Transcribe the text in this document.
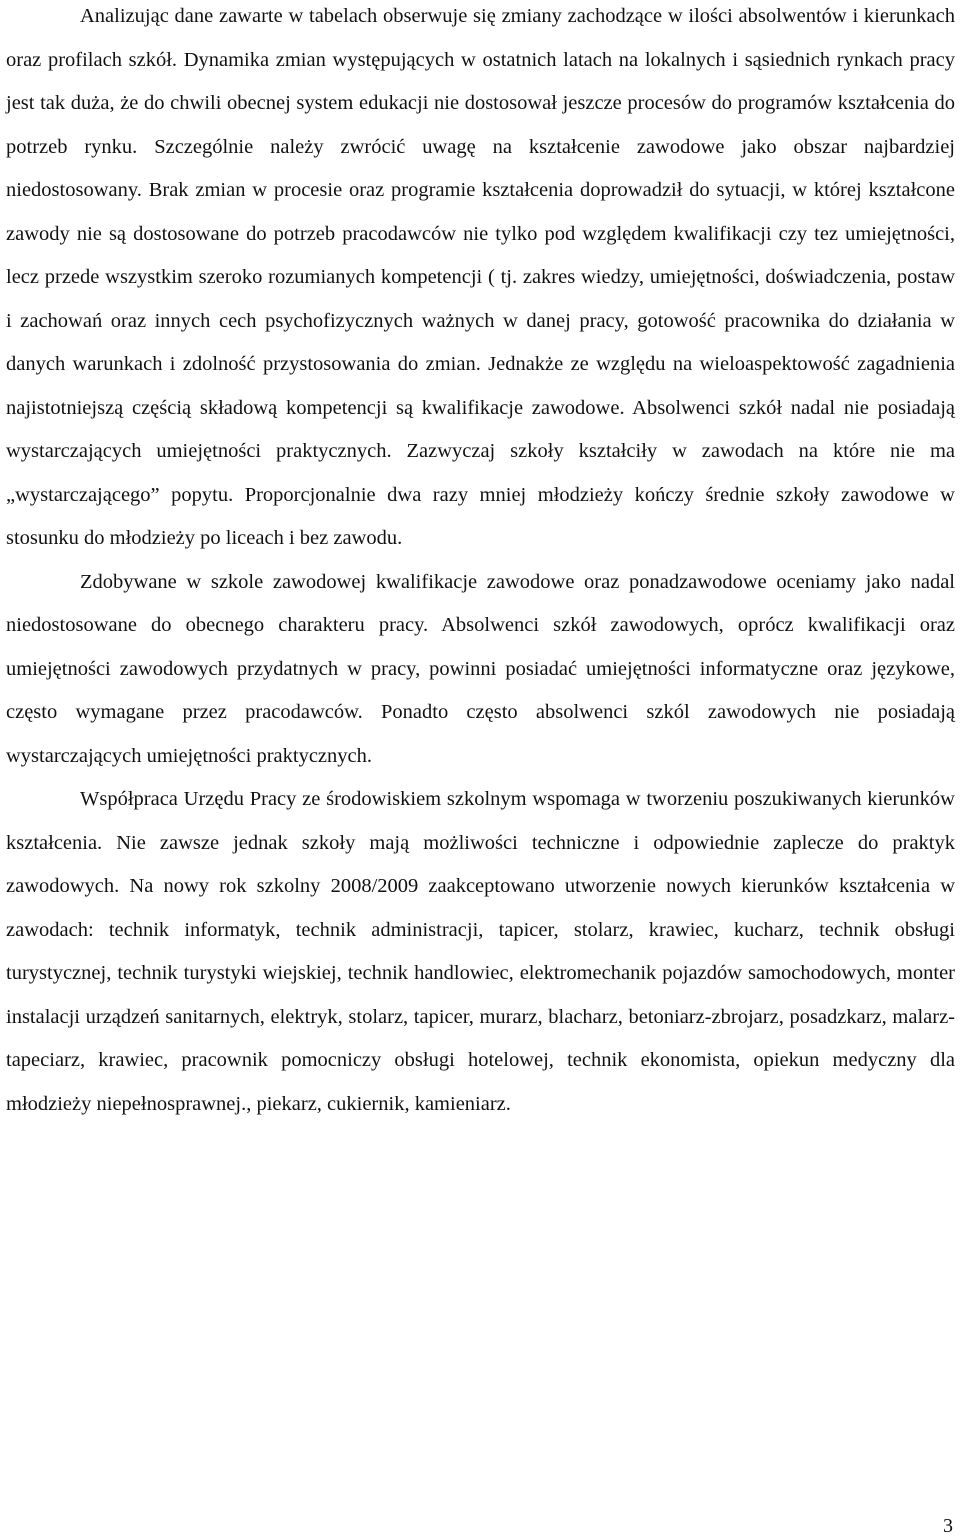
Analizując dane zawarte w tabelach obserwuje się zmiany zachodzące w ilości absolwentów i kierunkach oraz profilach szkół. Dynamika zmian występujących w ostatnich latach na lokalnych i sąsiednich rynkach pracy jest tak duża, że do chwili obecnej system edukacji nie dostosował jeszcze procesów do programów kształcenia do potrzeb rynku. Szczególnie należy zwrócić uwagę na kształcenie zawodowe jako obszar najbardziej niedostosowany. Brak zmian w procesie oraz programie kształcenia doprowadził do sytuacji, w której kształcone zawody nie są dostosowane do potrzeb pracodawców nie tylko pod względem kwalifikacji czy tez umiejętności, lecz przede wszystkim szeroko rozumianych kompetencji ( tj. zakres wiedzy, umiejętności, doświadczenia, postaw i zachowań oraz innych cech psychofizycznych ważnych w danej pracy, gotowość pracownika do działania w danych warunkach i zdolność przystosowania do zmian. Jednakże ze względu na wieloaspektowość zagadnienia najistotniejszą częścią składową kompetencji są kwalifikacje zawodowe. Absolwenci szkół nadal nie posiadają wystarczających umiejętności praktycznych. Zazwyczaj szkoły kształciły w zawodach na które nie ma „wystarczającego” popytu. Proporcjonalnie dwa razy mniej młodzieży kończy średnie szkoły zawodowe w stosunku do młodzieży po liceach i bez zawodu.

Zdobywane w szkole zawodowej kwalifikacje zawodowe oraz ponadzawodowe oceniamy jako nadal niedostosowane do obecnego charakteru pracy. Absolwenci szkół zawodowych, oprócz kwalifikacji oraz umiejętności zawodowych przydatnych w pracy, powinni posiadać umiejętności informatyczne oraz językowe, często wymagane przez pracodawców. Ponadto często absolwenci szkól zawodowych nie posiadają wystarczających umiejętności praktycznych.

Współpraca Urzędu Pracy ze środowiskiem szkolnym wspomaga w tworzeniu poszukiwanych kierunków kształcenia. Nie zawsze jednak szkoły mają możliwości techniczne i odpowiednie zaplecze do praktyk zawodowych. Na nowy rok szkolny 2008/2009 zaakceptowano utworzenie nowych kierunków kształcenia w zawodach: technik informatyk, technik administracji, tapicer, stolarz, krawiec, kucharz, technik obsługi turystycznej, technik turystyki wiejskiej, technik handlowiec, elektromechanik pojazdów samochodowych, monter instalacji urządzeń sanitarnych, elektryk, stolarz, tapicer, murarz, blacharz, betoniarz-zbrojarz, posadzkarz, malarz-tapeciarz, krawiec, pracownik pomocniczy obsługi hotelowej, technik ekonomista, opiekun medyczny dla młodzieży niepełnosprawnej., piekarz, cukiernik, kamieniarz.

3
